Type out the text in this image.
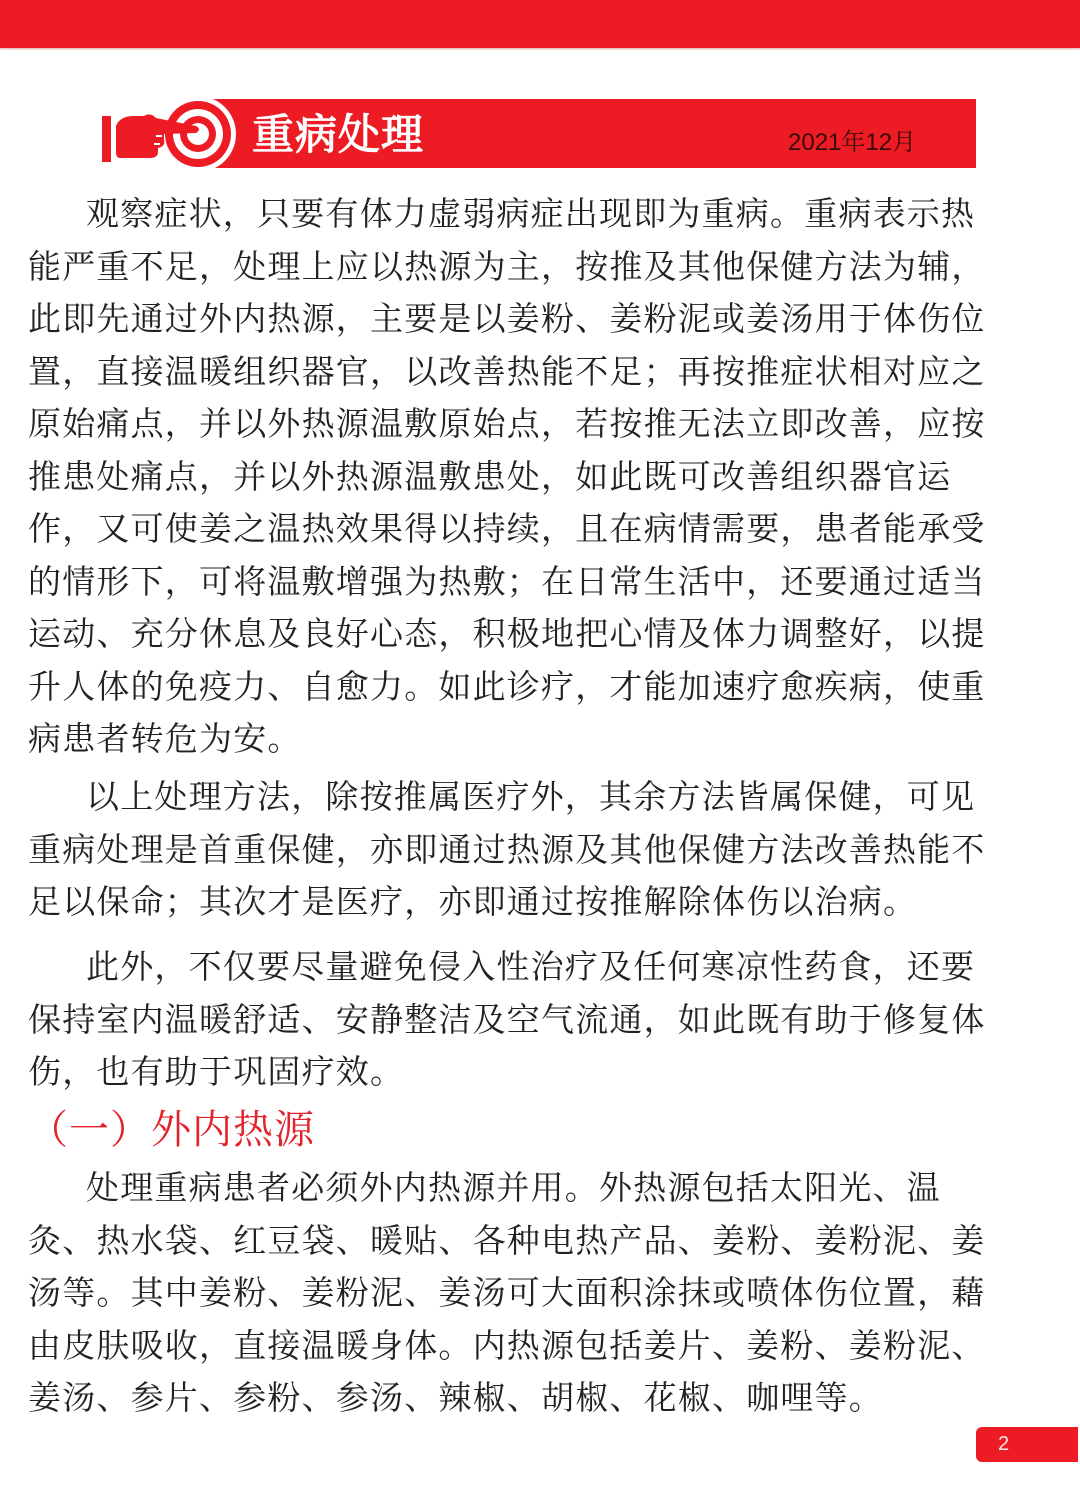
重病处理	2021年12月
观察症状，只要有体力虚弱病症出现即为重病。重病表示热
能严重不足，处理上应以热源为主，按推及其他保健方法为辅，
此即先通过外内热源，主要是以姜粉、姜粉泥或姜汤用于体伤位
置，直接温暖组织器官，以改善热能不足；再按推症状相对应之
原始痛点，并以外热源温敷原始点，若按推无法立即改善，应按
推患处痛点，并以外热源温敷患处，如此既可改善组织器官运
作，又可使姜之温热效果得以持续，且在病情需要，患者能承受
的情形下，可将温敷增强为热敷；在日常生活中，还要通过适当
运动、充分休息及良好心态，积极地把心情及体力调整好，以提
升人体的免疫力、自愈力。如此诊疗，才能加速疗愈疾病，使重
病患者转危为安。
以上处理方法，除按推属医疗外，其余方法皆属保健，可见
重病处理是首重保健，亦即通过热源及其他保健方法改善热能不
足以保命；其次才是医疗，亦即通过按推解除体伤以治病。
此外，不仅要尽量避免侵入性治疗及任何寒凉性药食，还要
保持室内温暖舒适、安静整洁及空气流通，如此既有助于修复体
伤，也有助于巩固疗效。
（一）外内热源
处理重病患者必须外内热源并用。外热源包括太阳光、温
灸、热水袋、红豆袋、暖贴、各种电热产品、姜粉、姜粉泥、姜
汤等。其中姜粉、姜粉泥、姜汤可大面积涂抹或喷体伤位置，藉
由皮肤吸收，直接温暖身体。内热源包括姜片、姜粉、姜粉泥、
姜汤、参片、参粉、参汤、辣椒、胡椒、花椒、咖哩等。
2
